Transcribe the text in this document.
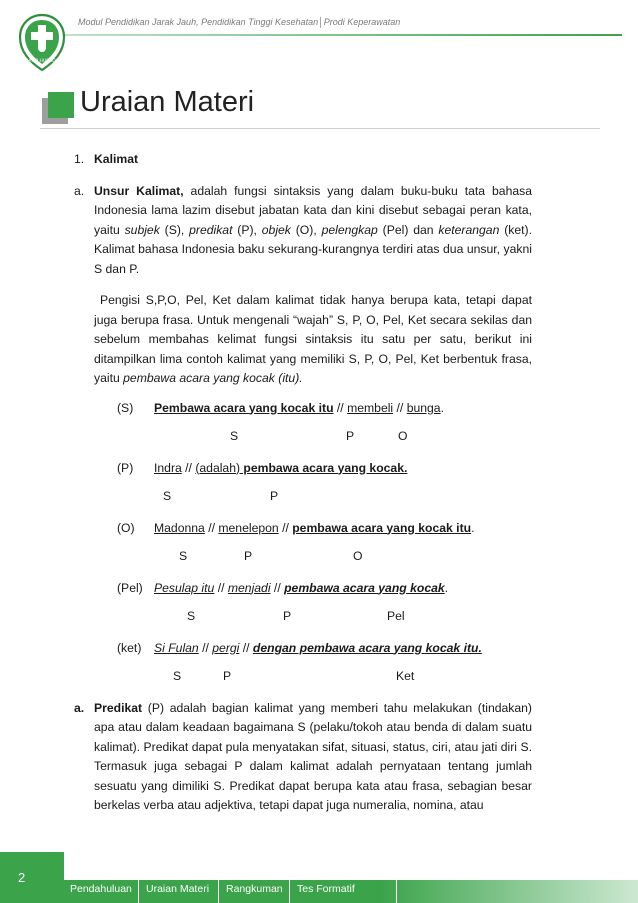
Modul Pendidikan Jarak Jauh, Pendidikan Tinggi Kesehatan│Prodi Keperawatan
BAKTI HUSADA
Uraian Materi
1. Kalimat
a. Unsur Kalimat, adalah fungsi sintaksis yang dalam buku-buku tata bahasa Indonesia lama lazim disebut jabatan kata dan kini disebut sebagai peran kata, yaitu subjek (S), predikat (P), objek (O), pelengkap (Pel) dan keterangan (ket). Kalimat bahasa Indonesia baku sekurang-kurangnya terdiri atas dua unsur, yakni S dan P.
Pengisi S,P,O, Pel, Ket dalam kalimat tidak hanya berupa kata, tetapi dapat juga berupa frasa. Untuk mengenali “wajah” S, P, O, Pel, Ket secara sekilas dan sebelum membahas kelimat fungsi sintaksis itu satu per satu, berikut ini ditampilkan lima contoh kalimat yang memiliki S, P, O, Pel, Ket berbentuk frasa, yaitu pembawa acara yang kocak (itu).
(S) Pembawa acara yang kocak itu // membeli // bunga.
S	P	O
(P) Indra // (adalah) pembawa acara yang kocak.
S	P
(O) Madonna // menelepon // pembawa acara yang kocak itu.
S	P	O
(Pel) Pesulap itu // menjadi // pembawa acara yang kocak.
S	P	Pel
(ket) Si Fulan // pergi // dengan pembawa acara yang kocak itu.
S	P	Ket
a. Predikat (P) adalah bagian kalimat yang memberi tahu melakukan (tindakan) apa atau dalam keadaan bagaimana S (pelaku/tokoh atau benda di dalam suatu kalimat). Predikat dapat pula menyatakan sifat, situasi, status, ciri, atau jati diri S. Termasuk juga sebagai P dalam kalimat adalah pernyataan tentang jumlah sesuatu yang dimiliki S. Predikat dapat berupa kata atau frasa, sebagian besar berkelas verba atau adjektiva, tetapi dapat juga numeralia, nomina, atau
2
Pendahuluan Uraian Materi Rangkuman Tes Formatif
